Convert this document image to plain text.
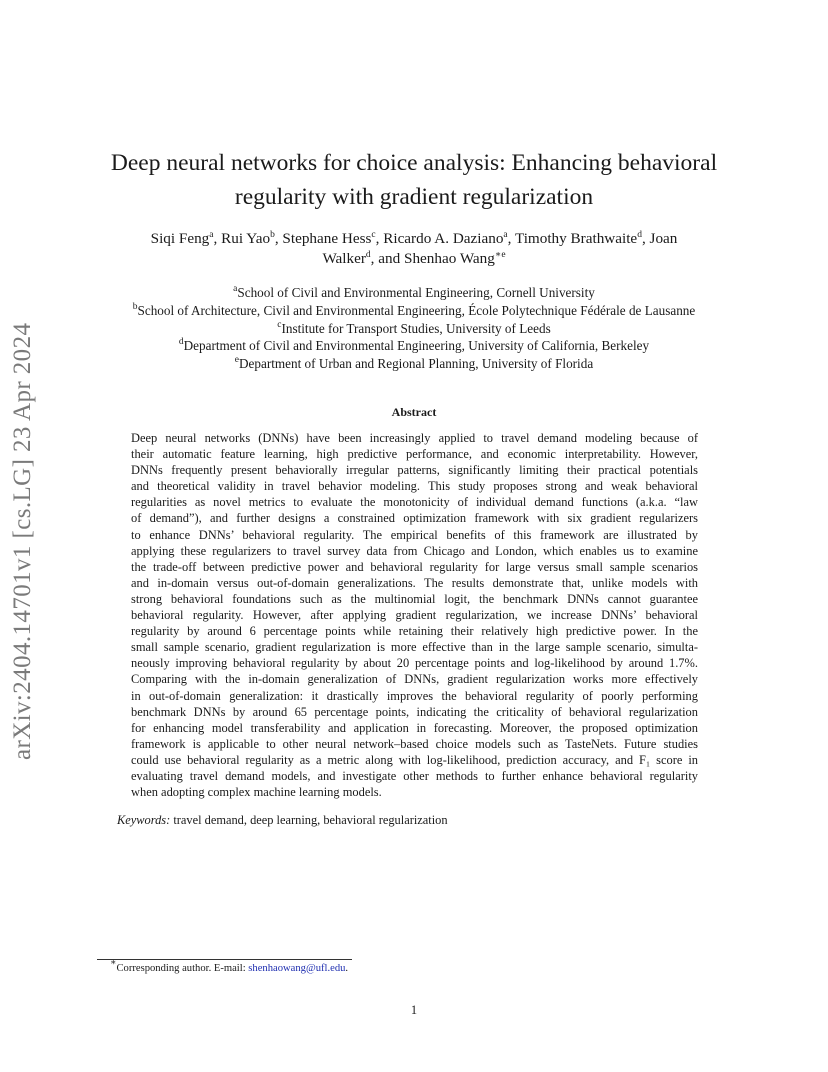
arXiv:2404.14701v1 [cs.LG] 23 Apr 2024
Deep neural networks for choice analysis: Enhancing behavioral
regularity with gradient regularization
Siqi Feng$^a$, Rui Yao$^b$, Stephane Hess$^c$, Ricardo A. Daziano$^a$, Timothy Brathwaite$^d$, Joan
Walker$^d$, and Shenhao Wang$^{∗e}$
$^a$School of Civil and Environmental Engineering, Cornell University
$^b$School of Architecture, Civil and Environmental Engineering, École Polytechnique Fédérale de Lausanne
$^c$Institute for Transport Studies, University of Leeds
$^d$Department of Civil and Environmental Engineering, University of California, Berkeley
$^e$Department of Urban and Regional Planning, University of Florida
Abstract
Deep neural networks (DNNs) have been increasingly applied to travel demand modeling because of
their automatic feature learning, high predictive performance, and economic interpretability. However,
DNNs frequently present behaviorally irregular patterns, significantly limiting their practical potentials
and theoretical validity in travel behavior modeling. This study proposes strong and weak behavioral
regularities as novel metrics to evaluate the monotonicity of individual demand functions (a.k.a. “law
of demand”), and further designs a constrained optimization framework with six gradient regularizers
to enhance DNNs’ behavioral regularity. The empirical benefits of this framework are illustrated by
applying these regularizers to travel survey data from Chicago and London, which enables us to examine
the trade-off between predictive power and behavioral regularity for large versus small sample scenarios
and in-domain versus out-of-domain generalizations. The results demonstrate that, unlike models with
strong behavioral foundations such as the multinomial logit, the benchmark DNNs cannot guarantee
behavioral regularity. However, after applying gradient regularization, we increase DNNs’ behavioral
regularity by around 6 percentage points while retaining their relatively high predictive power. In the
small sample scenario, gradient regularization is more effective than in the large sample scenario, simulta-
neously improving behavioral regularity by about 20 percentage points and log-likelihood by around 1.7%.
Comparing with the in-domain generalization of DNNs, gradient regularization works more effectively
in out-of-domain generalization: it drastically improves the behavioral regularity of poorly performing
benchmark DNNs by around 65 percentage points, indicating the criticality of behavioral regularization
for enhancing model transferability and application in forecasting. Moreover, the proposed optimization
framework is applicable to other neural network–based choice models such as TasteNets. Future studies
could use behavioral regularity as a metric along with log-likelihood, prediction accuracy, and F₁ score in
evaluating travel demand models, and investigate other methods to further enhance behavioral regularity
when adopting complex machine learning models.
Keywords: travel demand, deep learning, behavioral regularization
∗Corresponding author. E-mail: shenhaowang@ufl.edu.
1
